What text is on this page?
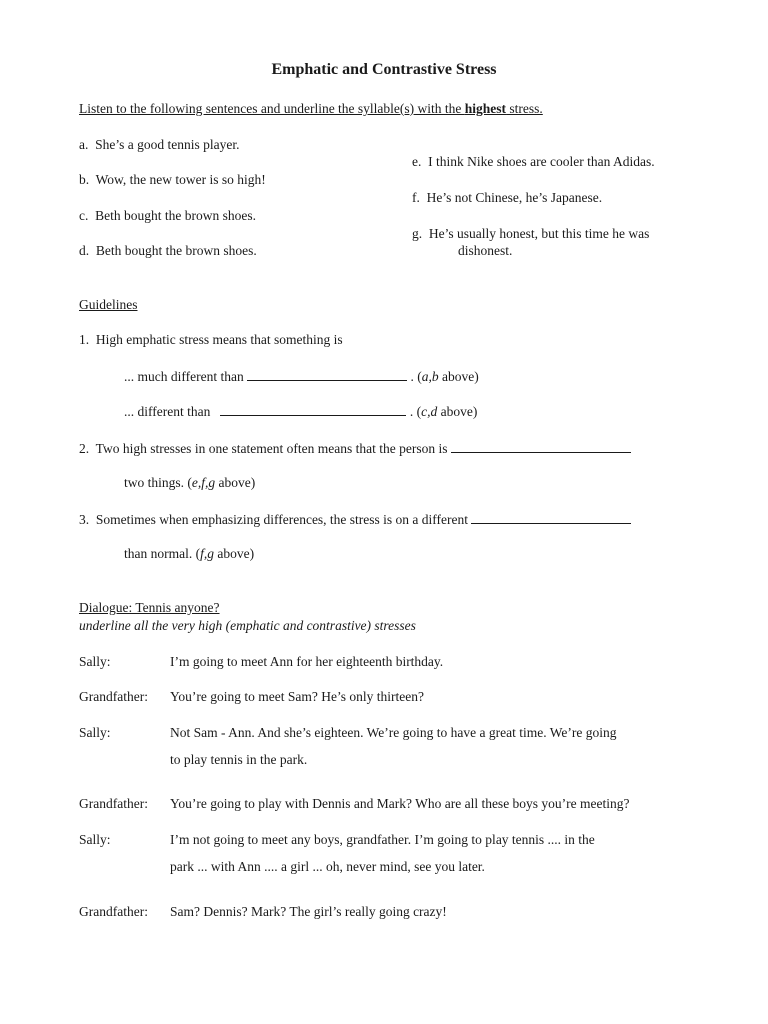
Emphatic and Contrastive Stress
Listen to the following sentences and underline the syllable(s) with the highest stress.
a. She’s a good tennis player.
b. Wow, the new tower is so high!
c. Beth bought the brown shoes.
d. Beth bought the brown shoes.
e. I think Nike shoes are cooler than Adidas.
f. He’s not Chinese, he’s Japanese.
g. He’s usually honest, but this time he was
dishonest.
Guidelines
1. High emphatic stress means that something is
... much different than	. (a,b above)
... different than	. (c,d above)
2. Two high stresses in one statement often means that the person is
two things. (e,f,g above)
3. Sometimes when emphasizing differences, the stress is on a different
than normal. (f,g above)
Dialogue: Tennis anyone?
underline all the very high (emphatic and contrastive) stresses
Sally:	I’m going to meet Ann for her eighteenth birthday.
Grandfather:	You’re going to meet Sam? He’s only thirteen?
Sally:	Not Sam - Ann. And she’s eighteen. We’re going to have a great time. We’re going
to play tennis in the park.
Grandfather:	You’re going to play with Dennis and Mark? Who are all these boys you’re meeting?
Sally:	I’m not going to meet any boys, grandfather. I’m going to play tennis .... in the
park ... with Ann .... a girl ... oh, never mind, see you later.
Grandfather:	Sam? Dennis? Mark? The girl’s really going crazy!
